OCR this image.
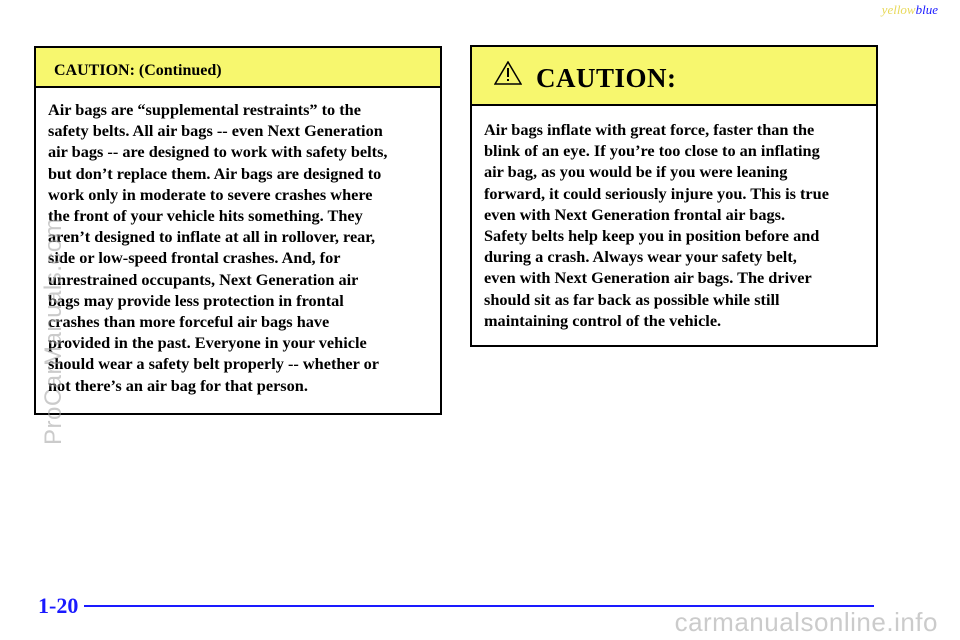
yellowblue
CAUTION: (Continued)
Air bags are “supplemental restraints” to the
safety belts. All air bags -- even Next Generation
air bags -- are designed to work with safety belts,
but don’t replace them. Air bags are designed to
work only in moderate to severe crashes where
the front of your vehicle hits something. They
aren’t designed to inflate at all in rollover, rear,
side or low-speed frontal crashes. And, for
unrestrained occupants, Next Generation air
bags may provide less protection in frontal
crashes than more forceful air bags have
provided in the past. Everyone in your vehicle
should wear a safety belt properly -- whether or
not there’s an air bag for that person.
CAUTION:
Air bags inflate with great force, faster than the
blink of an eye. If you’re too close to an inflating
air bag, as you would be if you were leaning
forward, it could seriously injure you. This is true
even with Next Generation frontal air bags.
Safety belts help keep you in position before and
during a crash. Always wear your safety belt,
even with Next Generation air bags. The driver
should sit as far back as possible while still
maintaining control of the vehicle.
1-20
ProCarManuals.com
carmanualsonline.info
